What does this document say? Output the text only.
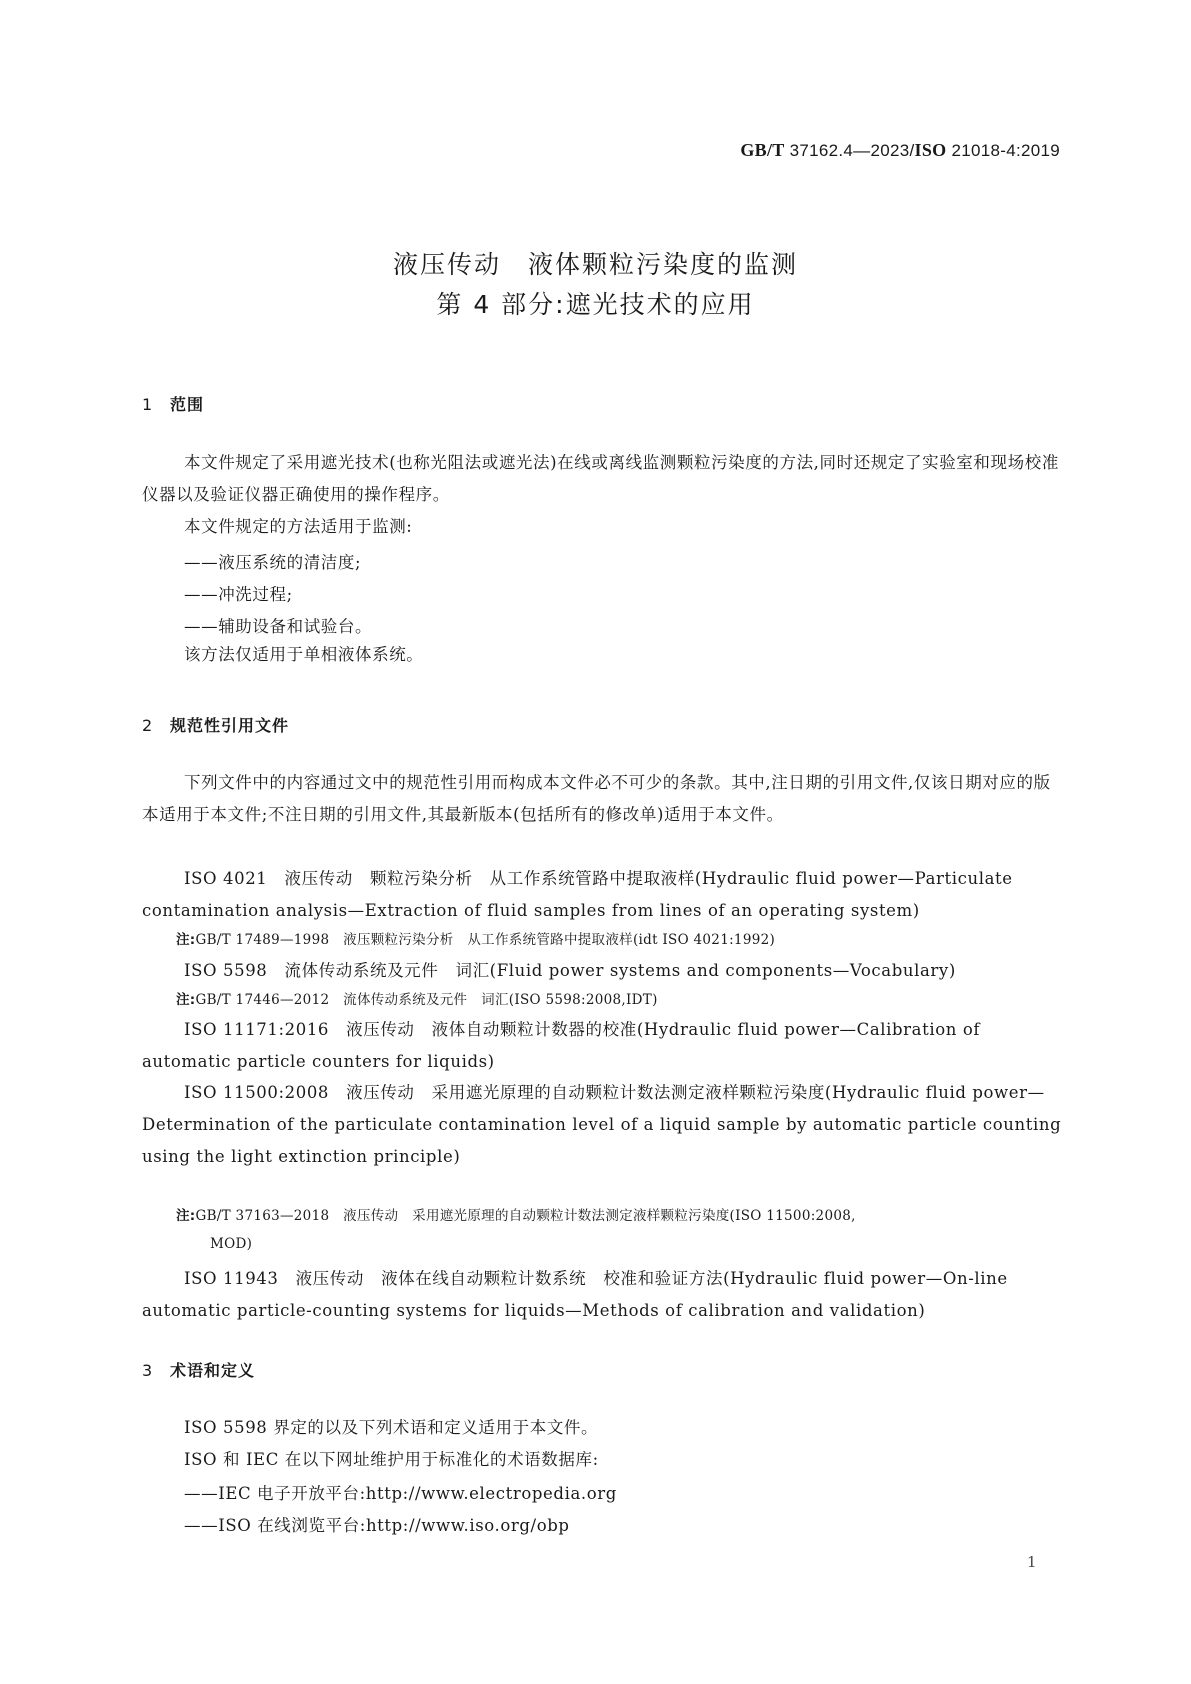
GB/T 37162.4—2023/ISO 21018-4:2019
液压传动　液体颗粒污染度的监测
第 4 部分:遮光技术的应用
1 范围
本文件规定了采用遮光技术(也称光阻法或遮光法)在线或离线监测颗粒污染度的方法,同时还规定了实验室和现场校准仪器以及验证仪器正确使用的操作程序。
本文件规定的方法适用于监测:
——液压系统的清洁度;
——冲洗过程;
——辅助设备和试验台。
该方法仅适用于单相液体系统。
2 规范性引用文件
下列文件中的内容通过文中的规范性引用而构成本文件必不可少的条款。其中,注日期的引用文件,仅该日期对应的版本适用于本文件;不注日期的引用文件,其最新版本(包括所有的修改单)适用于本文件。
ISO 4021　液压传动　颗粒污染分析　从工作系统管路中提取液样(Hydraulic fluid power—Particulate contamination analysis—Extraction of fluid samples from lines of an operating system)
注:GB/T 17489—1998　液压颗粒污染分析　从工作系统管路中提取液样(idt ISO 4021:1992)
ISO 5598　流体传动系统及元件　词汇(Fluid power systems and components—Vocabulary)
注:GB/T 17446—2012　流体传动系统及元件　词汇(ISO 5598:2008,IDT)
ISO 11171:2016　液压传动　液体自动颗粒计数器的校准(Hydraulic fluid power—Calibration of automatic particle counters for liquids)
ISO 11500:2008　液压传动　采用遮光原理的自动颗粒计数法测定液样颗粒污染度(Hydraulic fluid power—Determination of the particulate contamination level of a liquid sample by automatic particle counting using the light extinction principle)
注:GB/T 37163—2018　液压传动　采用遮光原理的自动颗粒计数法测定液样颗粒污染度(ISO 11500:2008,
MOD)
ISO 11943　液压传动　液体在线自动颗粒计数系统　校准和验证方法(Hydraulic fluid power—On-line automatic particle-counting systems for liquids—Methods of calibration and validation)
3 术语和定义
ISO 5598 界定的以及下列术语和定义适用于本文件。
ISO 和 IEC 在以下网址维护用于标准化的术语数据库:
——IEC 电子开放平台:http://www.electropedia.org
——ISO 在线浏览平台:http://www.iso.org/obp
1
